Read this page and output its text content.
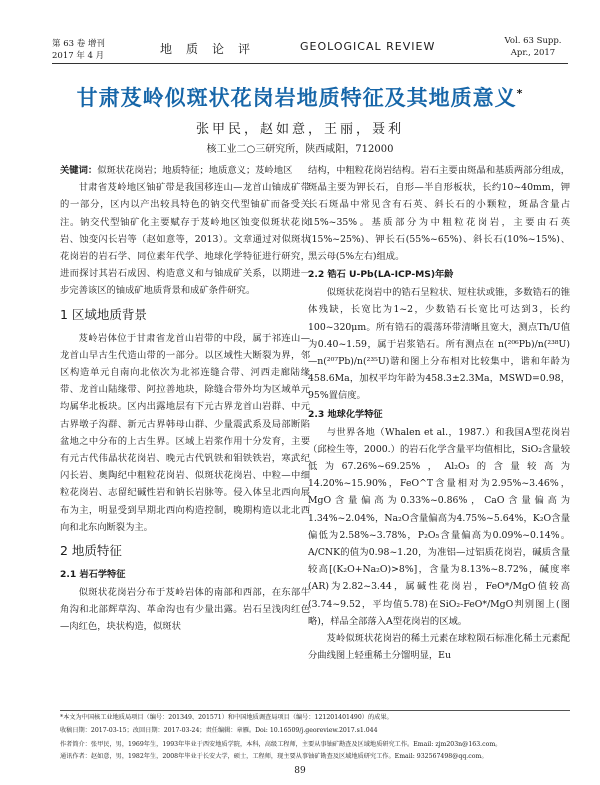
第 63 卷 增刊
2017 年 4 月	地质论评	GEOLOGICAL REVIEW	Vol. 63 Supp.
Apr., 2017
甘肃芨岭似斑状花岗岩地质特征及其地质意义*
张甲民，赵如意，王丽，聂利
核工业二○三研究所，陕西咸阳，712000

关键词：似斑状花岗岩；地质特征；地质意义；芨岭地区

甘肃省芨岭地区铀矿带是我国移连山—龙首山铀成矿带的一部分，区内以产出较具特色的钠交代型铀矿而备受关注。钠交代型铀矿化主要赋存于芨岭地区蚀变似斑状花岗岩、蚀变闪长岩等（赵如意等，2013）。文章通过对似斑状花岗岩的岩石学、同位素年代学、地球化学特征进行研究，进而探讨其岩石成因、构造意义和与铀成矿关系，以期进一步完善该区的铀成矿地质背景和成矿条件研究。

1 区域地质背景

芨岭岩体位于甘肃省龙首山岩带的中段，属于祁连山—龙首山早古生代造山带的一部分。以区域性大断裂为界，邻区构造单元自南向北依次为北祁连缝合带、河西走廊陆缘带、龙首山陆缘带、阿拉善地块，除缝合带外均为区域单元均属华北板块。区内出露地层有下元古界龙首山岩群、中元古界墩子沟群、新元古界韩母山群、少量震武系及局部断陷盆地之中分布的上古生界。区域上岩浆作用十分发育，主要有元古代伟晶状花岗岩、晚元古代钒铁和钼铁铁岩，寒武纪闪长岩、奥陶纪中粗粒花岗岩、似斑状花岗岩、中粒—中细粒花岗岩、志留纪碱性岩和钠长岩脉等。侵入体呈北西向展布为主，明显受到早期北西向构造控制，晚期构造以北北西向和北东向断裂为主。

2 地质特征
2.1 岩石学特征

似斑状花岗岩分布于芨岭岩体的南部和西部，在东部牛角沟和北部辉草沟、革命沟也有少量出露。岩石呈浅肉红色—肉红色，块状构造，似斑状

结构，中粗粒花岗岩结构。岩石主要由斑晶和基质两部分组成，斑晶主要为钾长石，自形—半自形板状，长约10~40mm，钾长石斑晶中常见含有石英、斜长石的小颗粒，斑晶含量占15%~35%。基质部分为中粗粒花岗岩，主要由石英(15%~25%)、钾长石(55%~65%)、斜长石(10%~15%)、黑云母(5%左右)组成。

2.2 锆石 U-Pb(LA-ICP-MS)年龄

似斑状花岗岩中的锆石呈粒状、短柱状或锥，多数锆石的锥体残缺，长宽比为1~2，少数锆石长宽比可达到3，长约100~320μm。所有锆石的震荡环带清晰且宽大，测点Th/U值为0.40~1.59，属于岩浆锆石。所有测点在 n(²⁰⁶Pb)/n(²³⁸U)—n(²⁰⁷Pb)/n(²³⁵U)谐和图上分布相对比较集中，谐和年龄为458.6Ma，加权平均年龄为458.3±2.3Ma，MSWD=0.98，95%置信度。

2.3 地球化学特征

与世界各地（Whalen et al.，1987.）和我国A型花岗岩（邱检生等，2000.）的岩石化学含量平均值相比，SiO₂含量较低为67.26%~69.25%，Al₂O₃的含量较高为14.20%~15.90%，FeO^T含量相对为2.95%~3.46%，MgO含量偏高为0.33%~0.86%，CaO含量偏高为1.34%~2.04%，Na₂O含量偏高为4.75%~5.64%，K₂O含量偏低为2.58%~3.78%，P₂O₅含量偏高为0.09%~0.14%。A/CNK的值为0.98~1.20，为准铝—过铝质花岗岩，碱质含量较高[(K₂O+Na₂O)>8%]，含量为8.13%~8.72%，碱度率(AR)为2.82~3.44，属碱性花岗岩，FeO*/MgO值较高(3.74~9.52，平均值5.78)在SiO₂-FeO*/MgO判别图上(图略)，样品全部落入A型花岗岩的区域。

芨岭似斑状花岗岩的稀土元素在球粒陨石标准化稀土元素配分曲线图上轻重稀土分馏明显，Eu

*本文为中国核工业地质局项目（编号：201349、201571）和中国地质调查局项目（编号：121201401490）的成果。
收稿日期：2017-03-15；改回日期：2017-03-24；责任编辑：章雁。Doi: 10.16509/j.georeview.2017.s1.044
作者简介：张甲民，男，1969年生，1993年毕业于西安地质学院，本科，高级工程师，主要从事铀矿勘查及区域地质研究工作。Email: zjm203n@163.com。
通讯作者：赵如意，男，1982年生，2008年毕业于长安大学，硕士，工程师，现主要从事铀矿勘查及区域地质研究工作。Email: 932567498@qq.com。
89
